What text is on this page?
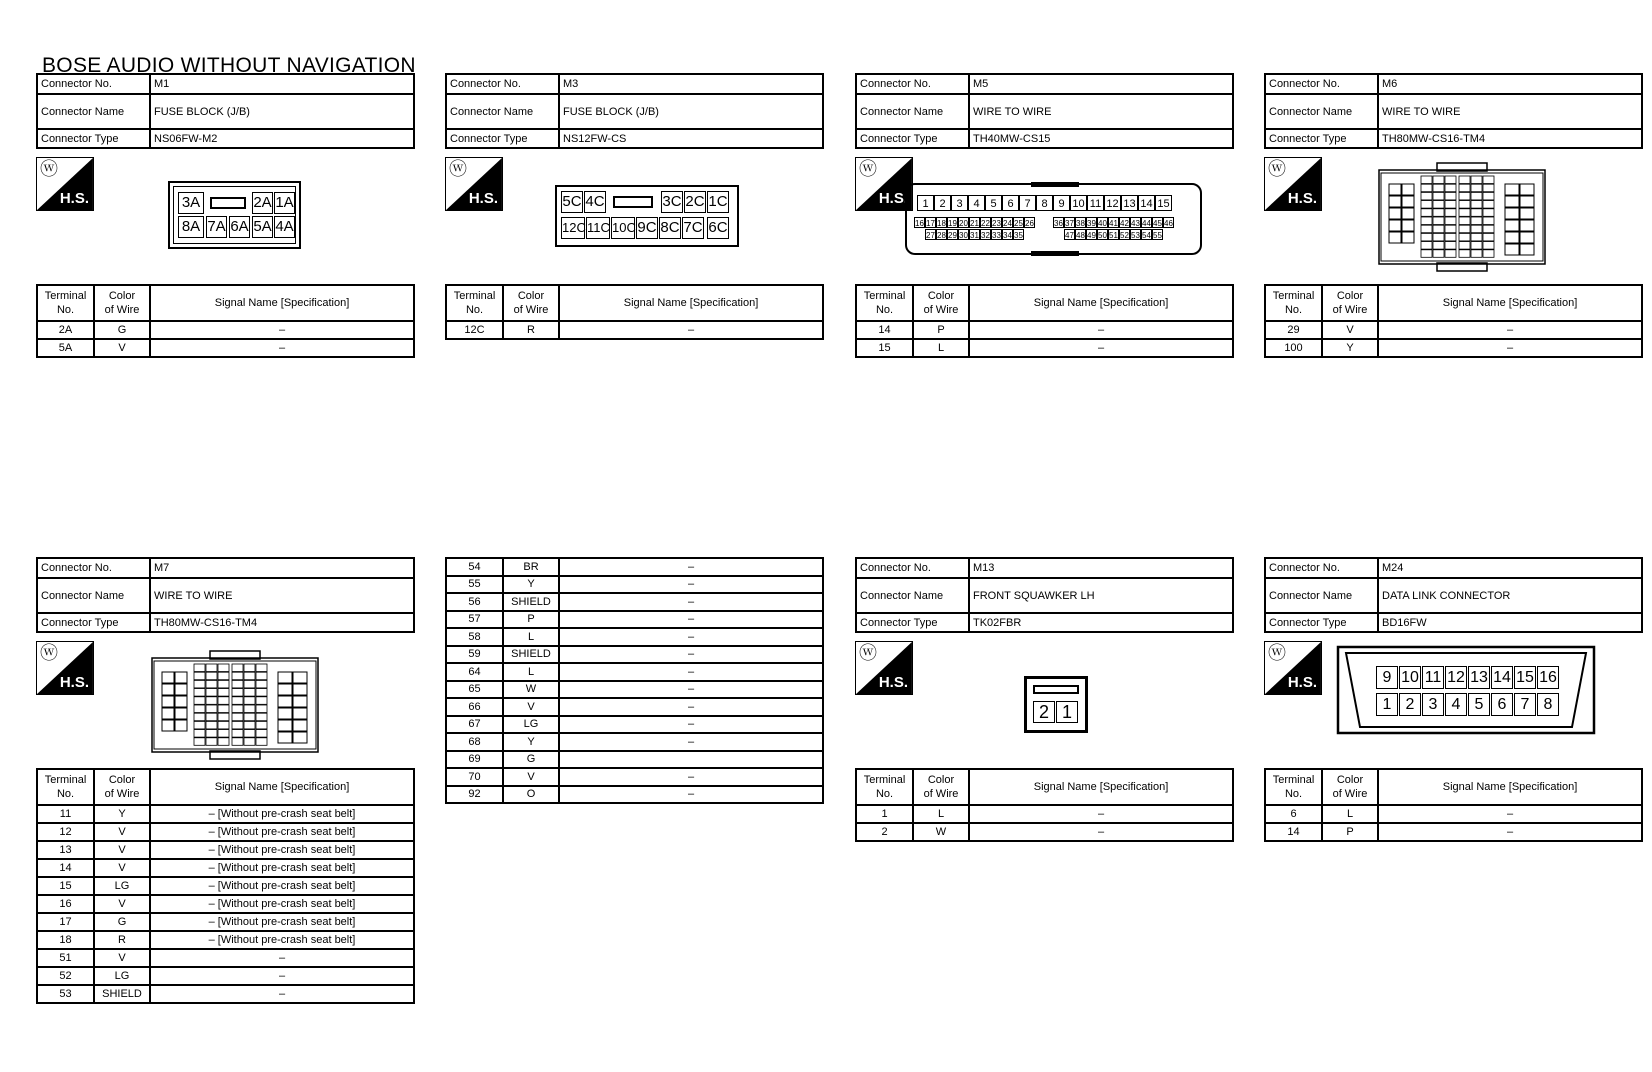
BOSE AUDIO WITHOUT NAVIGATION
Connector No.	M1
Connector Name	FUSE BLOCK (J/B)
Connector Type	NS06FW-M2
ⓦ
H.S.	3A	2A 1A
8A 7A 6A 5A 4A
Terminal
No.	Color
of Wire	Signal Name [Specification]
2A	G	–
5A	V	–
Connector No.	M3
Connector Name	FUSE BLOCK (J/B)
Connector Type	NS12FW-CS
ⓦ
H.S.	5C 4C	3C 2C 1C
12C 11C 10C 9C 8C 7C 6C
Terminal
No.	Color
of Wire	Signal Name [Specification]
12C	R	–
Connector No.	M5
Connector Name	WIRE TO WIRE
Connector Type	TH40MW-CS15
ⓦ
H.S.	1 2 3 4 5 6 7 8 9 10 11 12 13 14 15
16 17 18 19 20 21 22 23 24 25 26	36 37 38 39 40 41 42 43 44 45 46
27 28 29 30 31 32 33 34 35	47 48 49 50 51 52 53 54 55
Terminal
No.	Color
of Wire	Signal Name [Specification]
14	P	–
15	L	–
Connector No.	M6
Connector Name	WIRE TO WIRE
Connector Type	TH80MW-CS16-TM4
ⓦ
H.S.
Terminal
No.	Color
of Wire	Signal Name [Specification]
29	V	–
100	Y	–
Connector No.	M7
Connector Name	WIRE TO WIRE
Connector Type	TH80MW-CS16-TM4
ⓦ
H.S.
Terminal
No.	Color
of Wire	Signal Name [Specification]
11	Y	– [Without pre-crash seat belt]
12	V	– [Without pre-crash seat belt]
13	V	– [Without pre-crash seat belt]
14	V	– [Without pre-crash seat belt]
15	LG	– [Without pre-crash seat belt]
16	V	– [Without pre-crash seat belt]
17	G	– [Without pre-crash seat belt]
18	R	– [Without pre-crash seat belt]
51	V	–
52	LG	–
53	SHIELD	–
54	BR	–
55	Y	–
56	SHIELD	–
57	P	–
58	L	–
59	SHIELD	–
64	L	–
65	W	–
66	V	–
67	LG	–
68	Y	–
69	G	
70	V	–
92	O	–
Connector No.	M13
Connector Name	FRONT SQUAWKER LH
Connector Type	TK02FBR
ⓦ
H.S.
2 1
Terminal
No.	Color
of Wire	Signal Name [Specification]
1	L	–
2	W	–
Connector No.	M24
Connector Name	DATA LINK CONNECTOR
Connector Type	BD16FW
ⓦ
H.S.	9 10 11 12 13 14 15 16
1 2 3 4 5 6 7 8
Terminal
No.	Color
of Wire	Signal Name [Specification]
6	L	–
14	P	–
